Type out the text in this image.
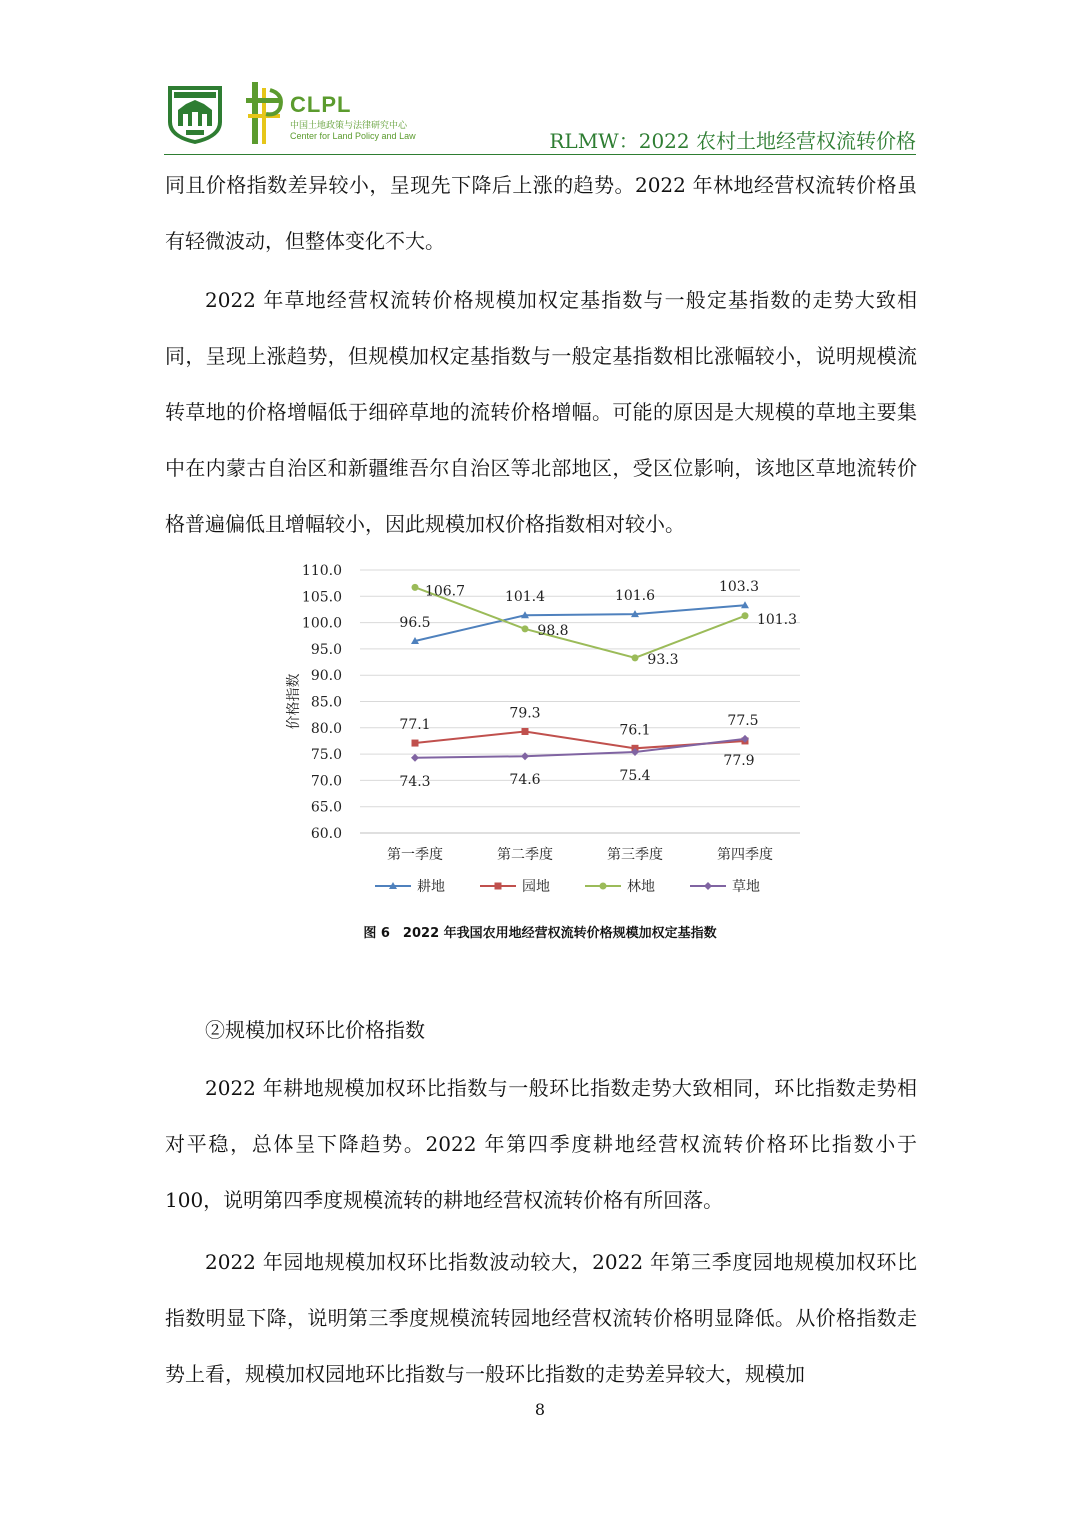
CLPL
中国土地政策与法律研究中心
Center for Land Policy and Law	RLMW：2022 农村土地经营权流转价格

同且价格指数差异较小，呈现先下降后上涨的趋势。2022 年林地经营权流转价格虽有轻微波动，但整体变化不大。

2022 年草地经营权流转价格规模加权定基指数与一般定基指数的走势大致相同，呈现上涨趋势，但规模加权定基指数与一般定基指数相比涨幅较小，说明规模流转草地的价格增幅低于细碎草地的流转价格增幅。可能的原因是大规模的草地主要集中在内蒙古自治区和新疆维吾尔自治区等北部地区，受区位影响，该地区草地流转价格普遍偏低且增幅较小，因此规模加权价格指数相对较小。

60.0
65.0
70.0
75.0
80.0
85.0
90.0
95.0
100.0
105.0
110.0
第一季度	第二季度	第三季度	第四季度
价格指数
96.5
101.4	101.6
103.3
77.1
79.3
76.1
77.5
106.7
98.8
93.3
101.3
74.3	74.6	75.4
77.9
耕地	园地	林地	草地
图 6　2022 年我国农用地经营权流转价格规模加权定基指数

②规模加权环比价格指数

2022 年耕地规模加权环比指数与一般环比指数走势大致相同，环比指数走势相对平稳，总体呈下降趋势。2022 年第四季度耕地经营权流转价格环比指数小于 100，说明第四季度规模流转的耕地经营权流转价格有所回落。

2022 年园地规模加权环比指数波动较大，2022 年第三季度园地规模加权环比指数明显下降，说明第三季度规模流转园地经营权流转价格明显降低。从价格指数走势上看，规模加权园地环比指数与一般环比指数的走势差异较大，规模加

8
